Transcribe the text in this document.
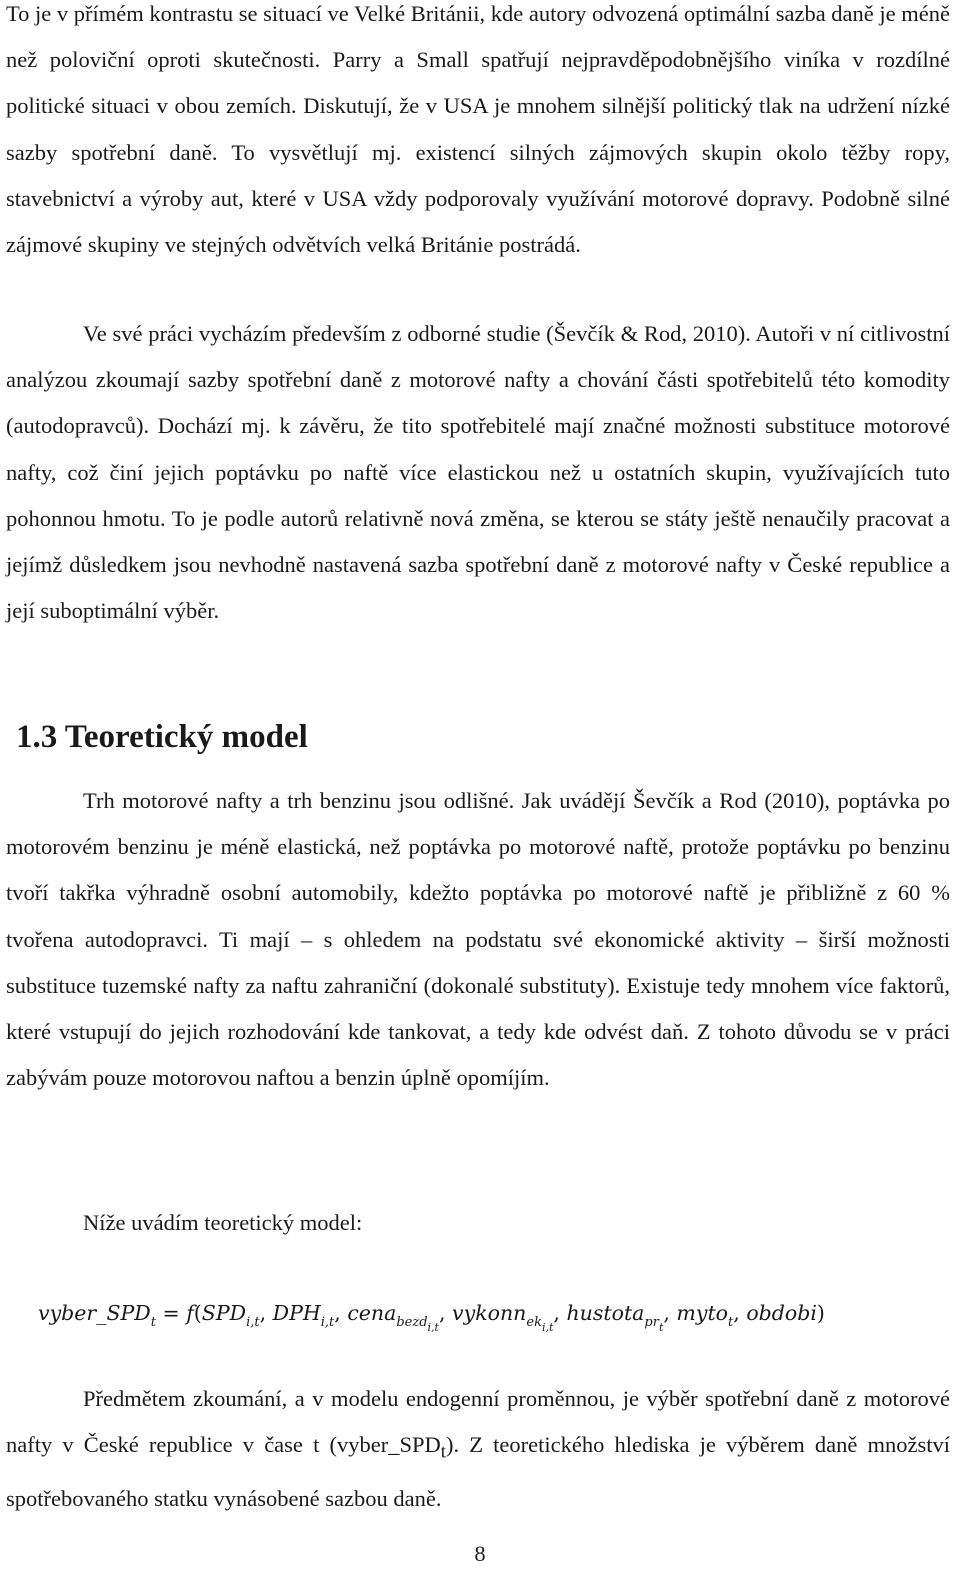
To je v přímém kontrastu se situací ve Velké Británii, kde autory odvozená optimální sazba daně je méně než poloviční oproti skutečnosti. Parry a Small spatřují nejpravděpodobnějšího viníka v rozdílné politické situaci v obou zemích. Diskutují, že v USA je mnohem silnější politický tlak na udržení nízké sazby spotřební daně. To vysvětlují mj. existencí silných zájmových skupin okolo těžby ropy, stavebnictví a výroby aut, které v USA vždy podporovaly využívání motorové dopravy. Podobně silné zájmové skupiny ve stejných odvětvích velká Británie postrádá.

Ve své práci vycházím především z odborné studie (Ševčík & Rod, 2010). Autoři v ní citlivostní analýzou zkoumají sazby spotřební daně z motorové nafty a chování části spotřebitelů této komodity (autodopravců). Dochází mj. k závěru, že tito spotřebitelé mají značné možnosti substituce motorové nafty, což činí jejich poptávku po naftě více elastickou než u ostatních skupin, využívajících tuto pohonnou hmotu. To je podle autorů relativně nová změna, se kterou se státy ještě nenaučily pracovat a jejímž důsledkem jsou nevhodně nastavená sazba spotřební daně z motorové nafty v České republice a její suboptimální výběr.

1.3 Teoretický model

Trh motorové nafty a trh benzinu jsou odlišné. Jak uvádějí Ševčík a Rod (2010), poptávka po motorovém benzinu je méně elastická, než poptávka po motorové naftě, protože poptávku po benzinu tvoří takřka výhradně osobní automobily, kdežto poptávka po motorové naftě je přibližně z 60 % tvořena autodopravci. Ti mají – s ohledem na podstatu své ekonomické aktivity – širší možnosti substituce tuzemské nafty za naftu zahraniční (dokonalé substituty). Existuje tedy mnohem více faktorů, které vstupují do jejich rozhodování kde tankovat, a tedy kde odvést daň. Z tohoto důvodu se v práci zabývám pouze motorovou naftou a benzin úplně opomíjím.

Níže uvádím teoretický model:

$vyber\_SPD_t = f(SPD_{i,t}$, $DPH_{i,t}$, cena$_{bezd_{i,t}}$, vykonn$_{ek_{i,t}}$, hustota$_{pr_t}$, myto$_t$, obdobi)

Předmětem zkoumání, a v modelu endogenní proměnnou, je výběr spotřební daně z motorové nafty v České republice v čase t $(vyber\_SPD_t)$. Z teoretického hlediska je výběrem daně množství spotřebovaného statku vynásobené sazbou daně.

8
